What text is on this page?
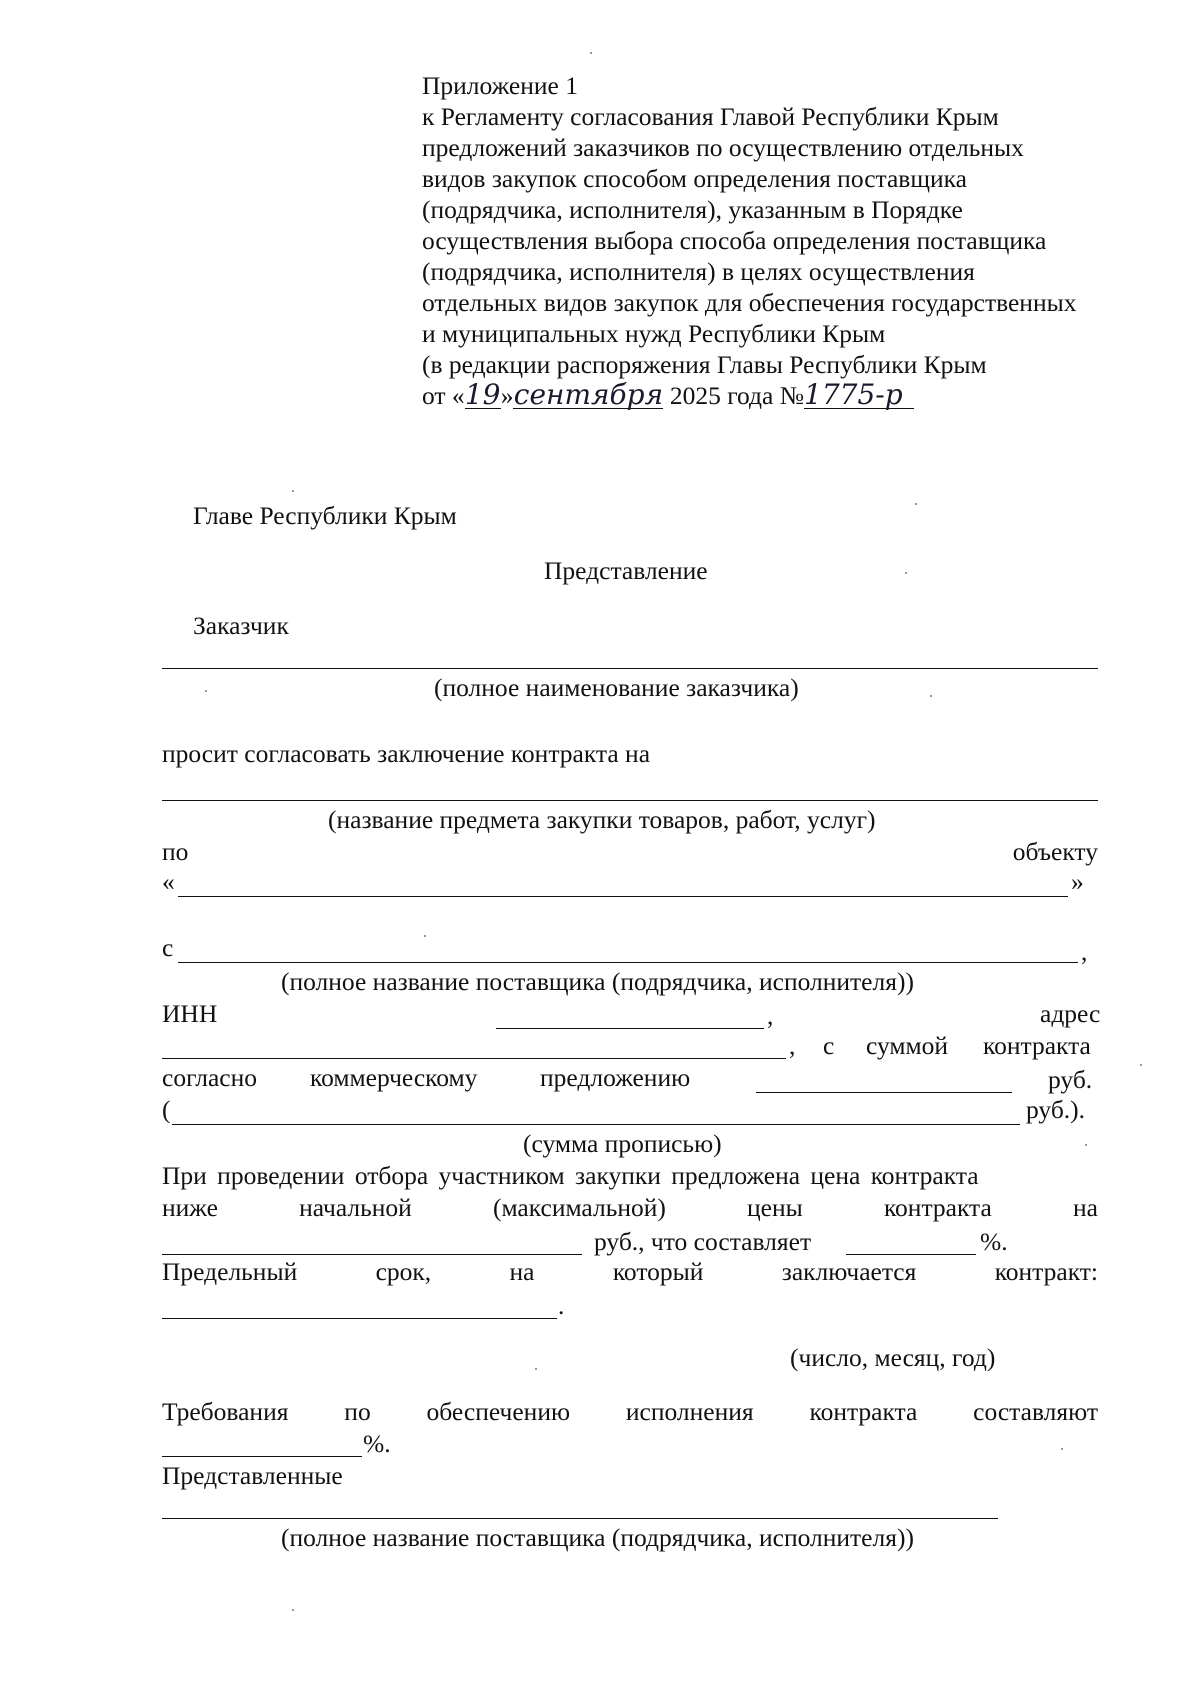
Приложение 1
к Регламенту согласования Главой Республики Крым
предложений заказчиков по осуществлению отдельных
видов закупок способом определения поставщика
(подрядчика, исполнителя), указанным в Порядке
осуществления выбора способа определения поставщика
(подрядчика, исполнителя) в целях осуществления
отдельных видов закупок для обеспечения государственных
и муниципальных нужд Республики Крым
(в редакции распоряжения Главы Республики Крым
от «19»сентября 2025 года №1775-р
Главе Республики Крым
Представление
Заказчик
(полное наименование заказчика)
просит согласовать заключение контракта на
(название предмета закупки товаров, работ, услуг)
по	объекту
«	»
с	,
(полное название поставщика (подрядчика, исполнителя))
ИНН	,	адрес
, с суммой контракта
согласно коммерческому предложению	руб.
(	руб.).
(сумма прописью)
При проведении отбора участником закупки предложена цена контракта
ниже	начальной	(максимальной)	цены	контракта	на
руб., что составляет	%.
Предельный	срок,	на	который	заключается	контракт:
.
(число, месяц, год)
Требования по обеспечению исполнения контракта составляют
%.
Представленные
(полное название поставщика (подрядчика, исполнителя))
